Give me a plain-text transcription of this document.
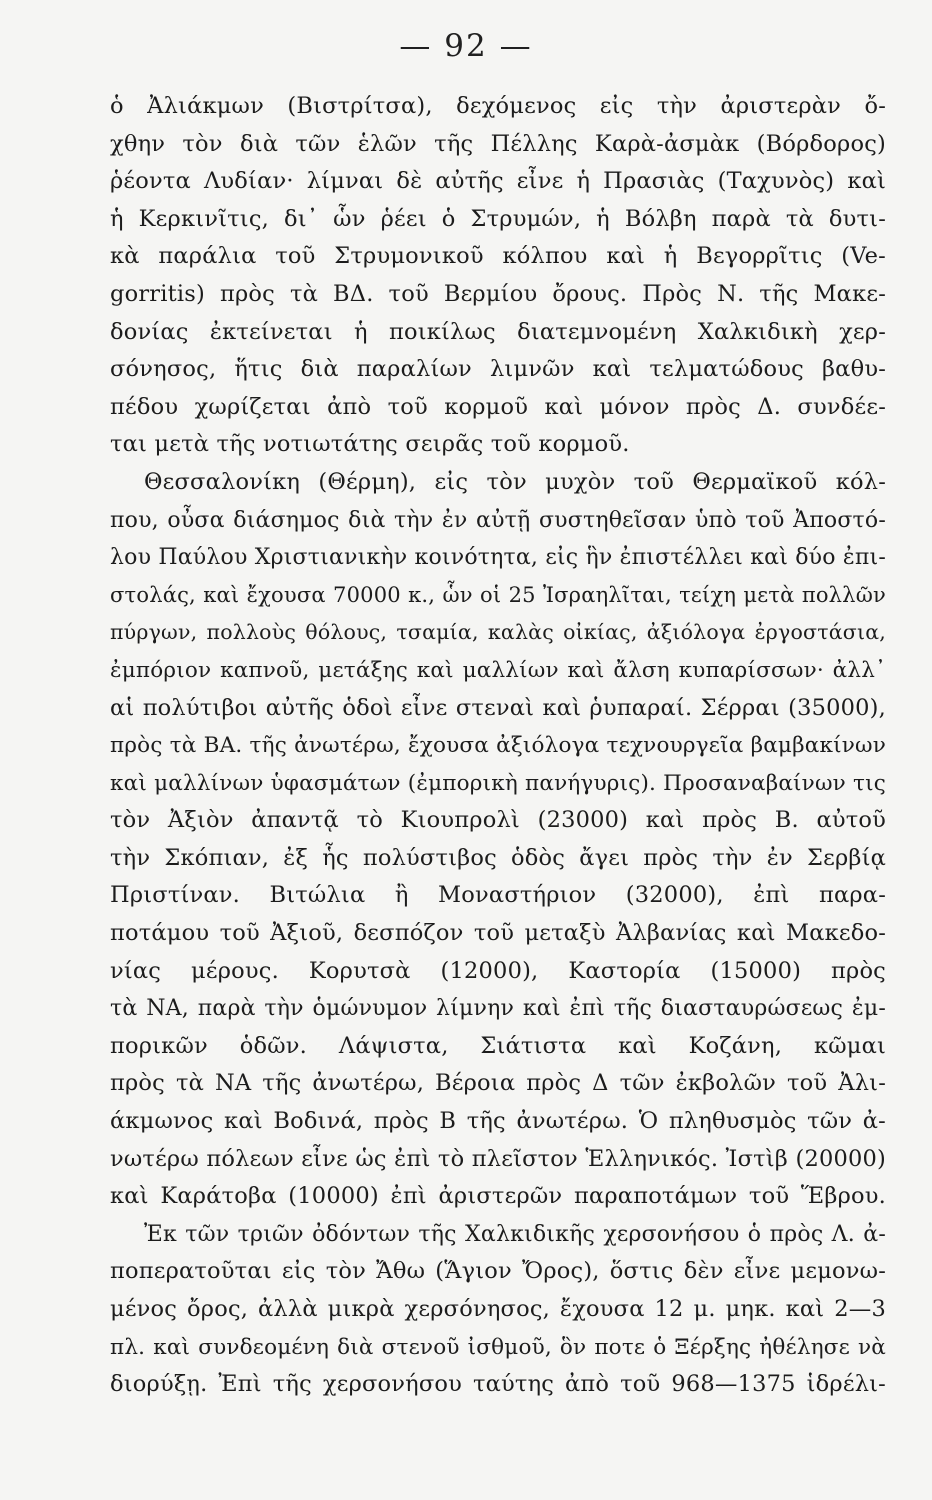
— 92 —
ὁ Ἀλιάκμων (Βιστρίτσα), δεχόμενος εἰς τὴν ἀριστερὰν ὄ-
χθην τὸν διὰ τῶν ἑλῶν τῆς Πέλλης Καρὰ-ἀσμὰκ (Βόρδορος)
ῥέοντα Λυδίαν· λίμναι δὲ αὐτῆς εἶνε ἡ Πρασιὰς (Ταχυνὸς) καὶ
ἡ Κερκινῖτις, δι᾽ ὧν ῥέει ὁ Στρυμών, ἡ Βόλβη παρὰ τὰ δυτι-
κὰ παράλια τοῦ Στρυμονικοῦ κόλπου καὶ ἡ Βεγορρῖτις (Ve-
gorritis) πρὸς τὰ ΒΔ. τοῦ Βερμίου ὄρους. Πρὸς Ν. τῆς Μακε-
δονίας ἐκτείνεται ἡ ποικίλως διατεμνομένη Χαλκιδικὴ χερ-
σόνησος, ἥτις διὰ παραλίων λιμνῶν καὶ τελματώδους βαθυ-
πέδου χωρίζεται ἀπὸ τοῦ κορμοῦ καὶ μόνον πρὸς Δ. συνδέε-
ται μετὰ τῆς νοτιωτάτης σειρᾶς τοῦ κορμοῦ.
Θεσσαλονίκη (Θέρμη), εἰς τὸν μυχὸν τοῦ Θερμαϊκοῦ κόλ-
που, οὖσα διάσημος διὰ τὴν ἐν αὐτῇ συστηθεῖσαν ὑπὸ τοῦ Ἀποστό-
λου Παύλου Χριστιανικὴν κοινότητα, εἰς ἣν ἐπιστέλλει καὶ δύο ἐπι-
στολάς, καὶ ἔχουσα 70000 κ., ὧν οἱ 25 Ἰσραηλῖται, τείχη μετὰ πολλῶν
πύργων, πολλοὺς θόλους, τσαμία, καλὰς οἰκίας, ἀξιόλογα ἐργοστάσια,
ἐμπόριον καπνοῦ, μετάξης καὶ μαλλίων καὶ ἄλση κυπαρίσσων· ἀλλ᾽
αἱ πολύτιβοι αὐτῆς ὁδοὶ εἶνε στεναὶ καὶ ῥυπαραί. Σέρραι (35000),
πρὸς τὰ ΒΑ. τῆς ἀνωτέρω, ἔχουσα ἀξιόλογα τεχνουργεῖα βαμβακίνων
καὶ μαλλίνων ὑφασμάτων (ἐμπορικὴ πανήγυρις). Προσαναβαίνων τις
τὸν Ἀξιὸν ἀπαντᾷ τὸ Κιουπρολὶ (23000) καὶ πρὸς Β. αὐτοῦ
τὴν Σκόπιαν, ἐξ ἧς πολύστιβος ὁδὸς ἄγει πρὸς τὴν ἐν Σερβίᾳ
Πριστίναν. Βιτώλια ἢ Μοναστήριον (32000), ἐπὶ παρα-
ποτάμου τοῦ Ἀξιοῦ, δεσπόζον τοῦ μεταξὺ Ἀλβανίας καὶ Μακεδο-
νίας μέρους. Κορυτσὰ (12000), Καστορία (15000) πρὸς
τὰ ΝΑ, παρὰ τὴν ὁμώνυμον λίμνην καὶ ἐπὶ τῆς διασταυρώσεως ἐμ-
πορικῶν ὁδῶν. Λάψιστα, Σιάτιστα καὶ Κοζάνη, κῶμαι
πρὸς τὰ ΝΑ τῆς ἀνωτέρω, Βέροια πρὸς Δ τῶν ἐκβολῶν τοῦ Ἀλι-
άκμωνος καὶ Βοδινά, πρὸς Β τῆς ἀνωτέρω. Ὁ πληθυσμὸς τῶν ἀ-
νωτέρω πόλεων εἶνε ὡς ἐπὶ τὸ πλεῖστον Ἑλληνικός. Ἰστὶβ (20000)
καὶ Καράτοβα (10000) ἐπὶ ἀριστερῶν παραποτάμων τοῦ Ἕβρου.
Ἐκ τῶν τριῶν ὀδόντων τῆς Χαλκιδικῆς χερσονήσου ὁ πρὸς Λ. ἀ-
ποπερατοῦται εἰς τὸν Ἄθω (Ἅγιον Ὄρος), ὅστις δὲν εἶνε μεμονω-
μένος ὄρος, ἀλλὰ μικρὰ χερσόνησος, ἔχουσα 12 μ. μηκ. καὶ 2—3
πλ. καὶ συνδεομένη διὰ στενοῦ ἰσθμοῦ, ὃν ποτε ὁ Ξέρξης ἠθέλησε νὰ
διορύξῃ. Ἐπὶ τῆς χερσονήσου ταύτης ἀπὸ τοῦ 968—1375 ἱδρέλι-
